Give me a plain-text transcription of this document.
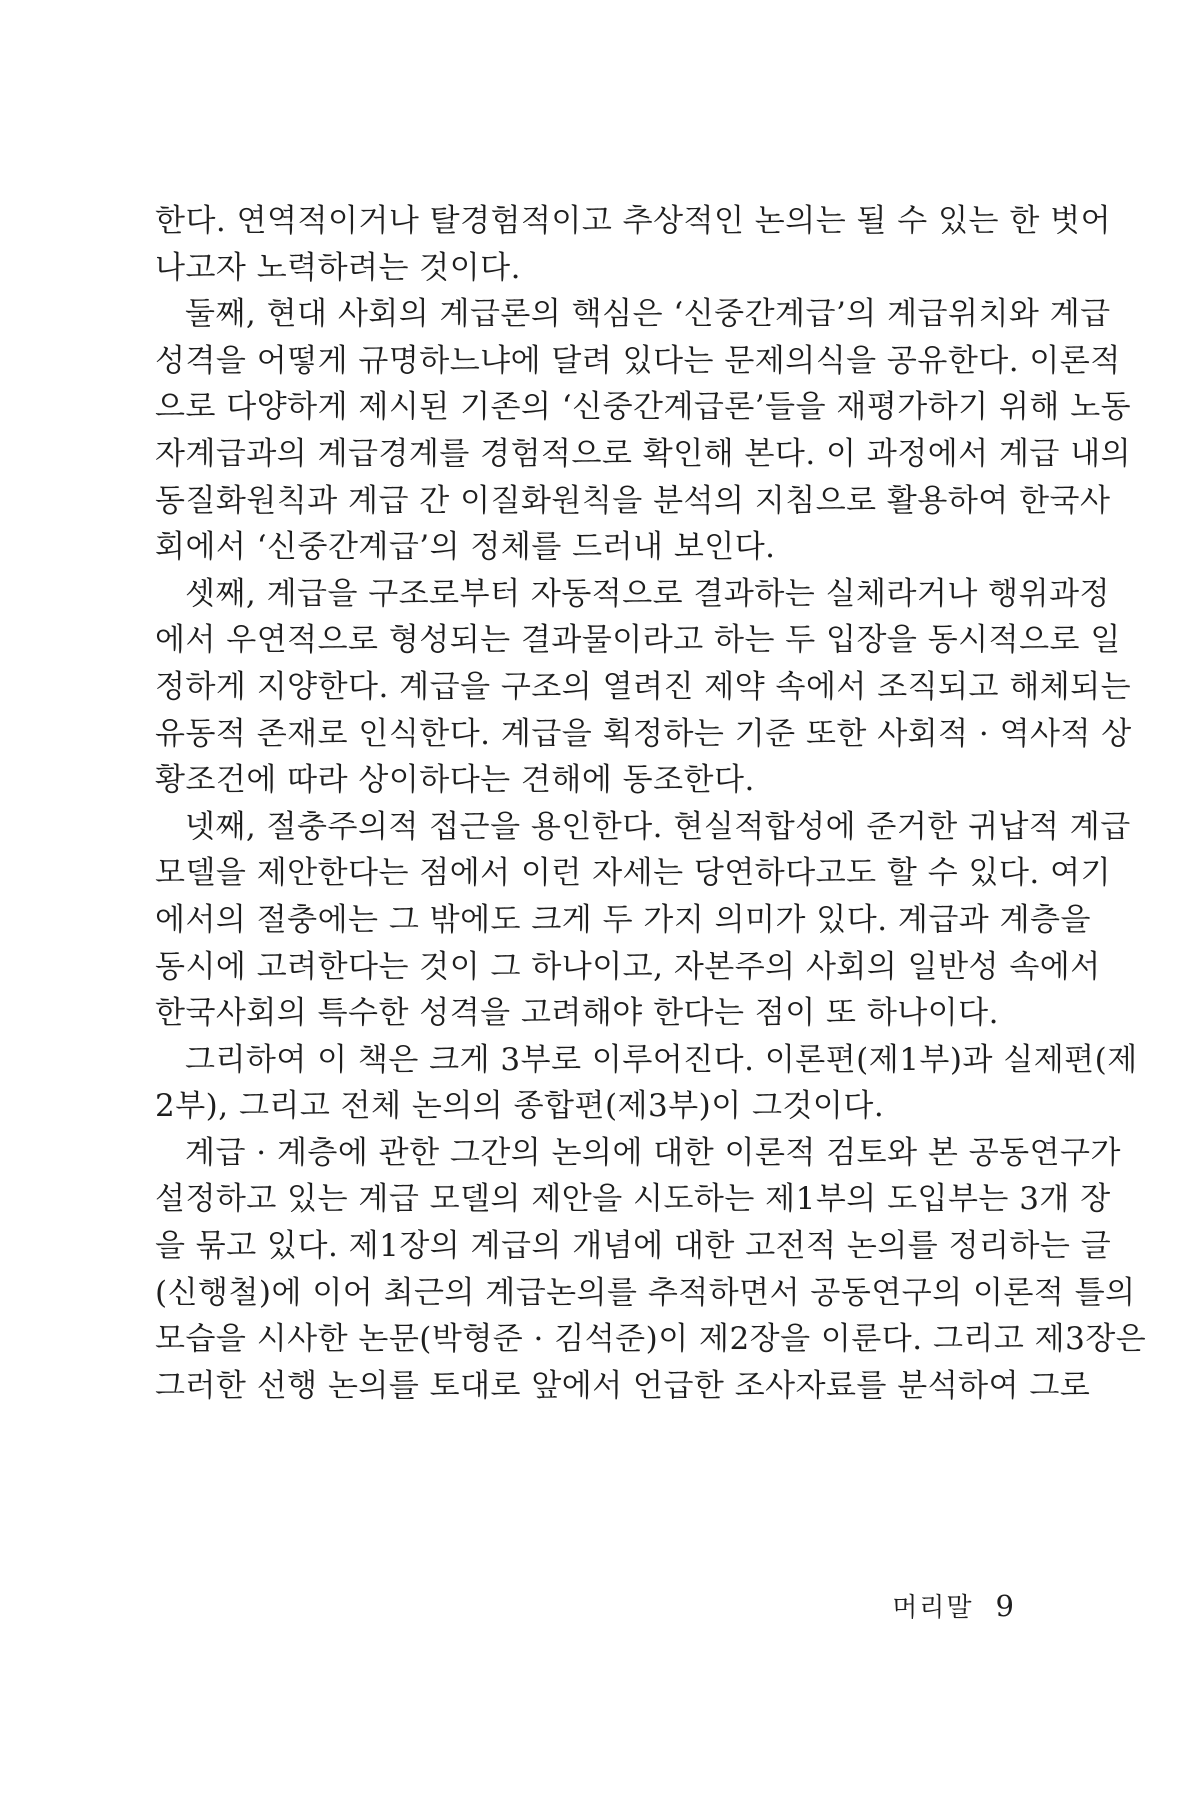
한다. 연역적이거나 탈경험적이고 추상적인 논의는 될 수 있는 한 벗어
나고자 노력하려는 것이다.
둘째, 현대 사회의 계급론의 핵심은 ‘신중간계급’의 계급위치와 계급
성격을 어떻게 규명하느냐에 달려 있다는 문제의식을 공유한다. 이론적
으로 다양하게 제시된 기존의 ‘신중간계급론’들을 재평가하기 위해 노동
자계급과의 계급경계를 경험적으로 확인해 본다. 이 과정에서 계급 내의
동질화원칙과 계급 간 이질화원칙을 분석의 지침으로 활용하여 한국사
회에서 ‘신중간계급’의 정체를 드러내 보인다.
셋째, 계급을 구조로부터 자동적으로 결과하는 실체라거나 행위과정
에서 우연적으로 형성되는 결과물이라고 하는 두 입장을 동시적으로 일
정하게 지양한다. 계급을 구조의 열려진 제약 속에서 조직되고 해체되는
유동적 존재로 인식한다. 계급을 획정하는 기준 또한 사회적 · 역사적 상
황조건에 따라 상이하다는 견해에 동조한다.
넷째, 절충주의적 접근을 용인한다. 현실적합성에 준거한 귀납적 계급
모델을 제안한다는 점에서 이런 자세는 당연하다고도 할 수 있다. 여기
에서의 절충에는 그 밖에도 크게 두 가지 의미가 있다. 계급과 계층을
동시에 고려한다는 것이 그 하나이고, 자본주의 사회의 일반성 속에서
한국사회의 특수한 성격을 고려해야 한다는 점이 또 하나이다.
그리하여 이 책은 크게 3부로 이루어진다. 이론편(제1부)과 실제편(제
2부), 그리고 전체 논의의 종합편(제3부)이 그것이다.
계급 · 계층에 관한 그간의 논의에 대한 이론적 검토와 본 공동연구가
설정하고 있는 계급 모델의 제안을 시도하는 제1부의 도입부는 3개 장
을 묶고 있다. 제1장의 계급의 개념에 대한 고전적 논의를 정리하는 글
(신행철)에 이어 최근의 계급논의를 추적하면서 공동연구의 이론적 틀의
모습을 시사한 논문(박형준 · 김석준)이 제2장을 이룬다. 그리고 제3장은
그러한 선행 논의를 토대로 앞에서 언급한 조사자료를 분석하여 그로
머리말 9
